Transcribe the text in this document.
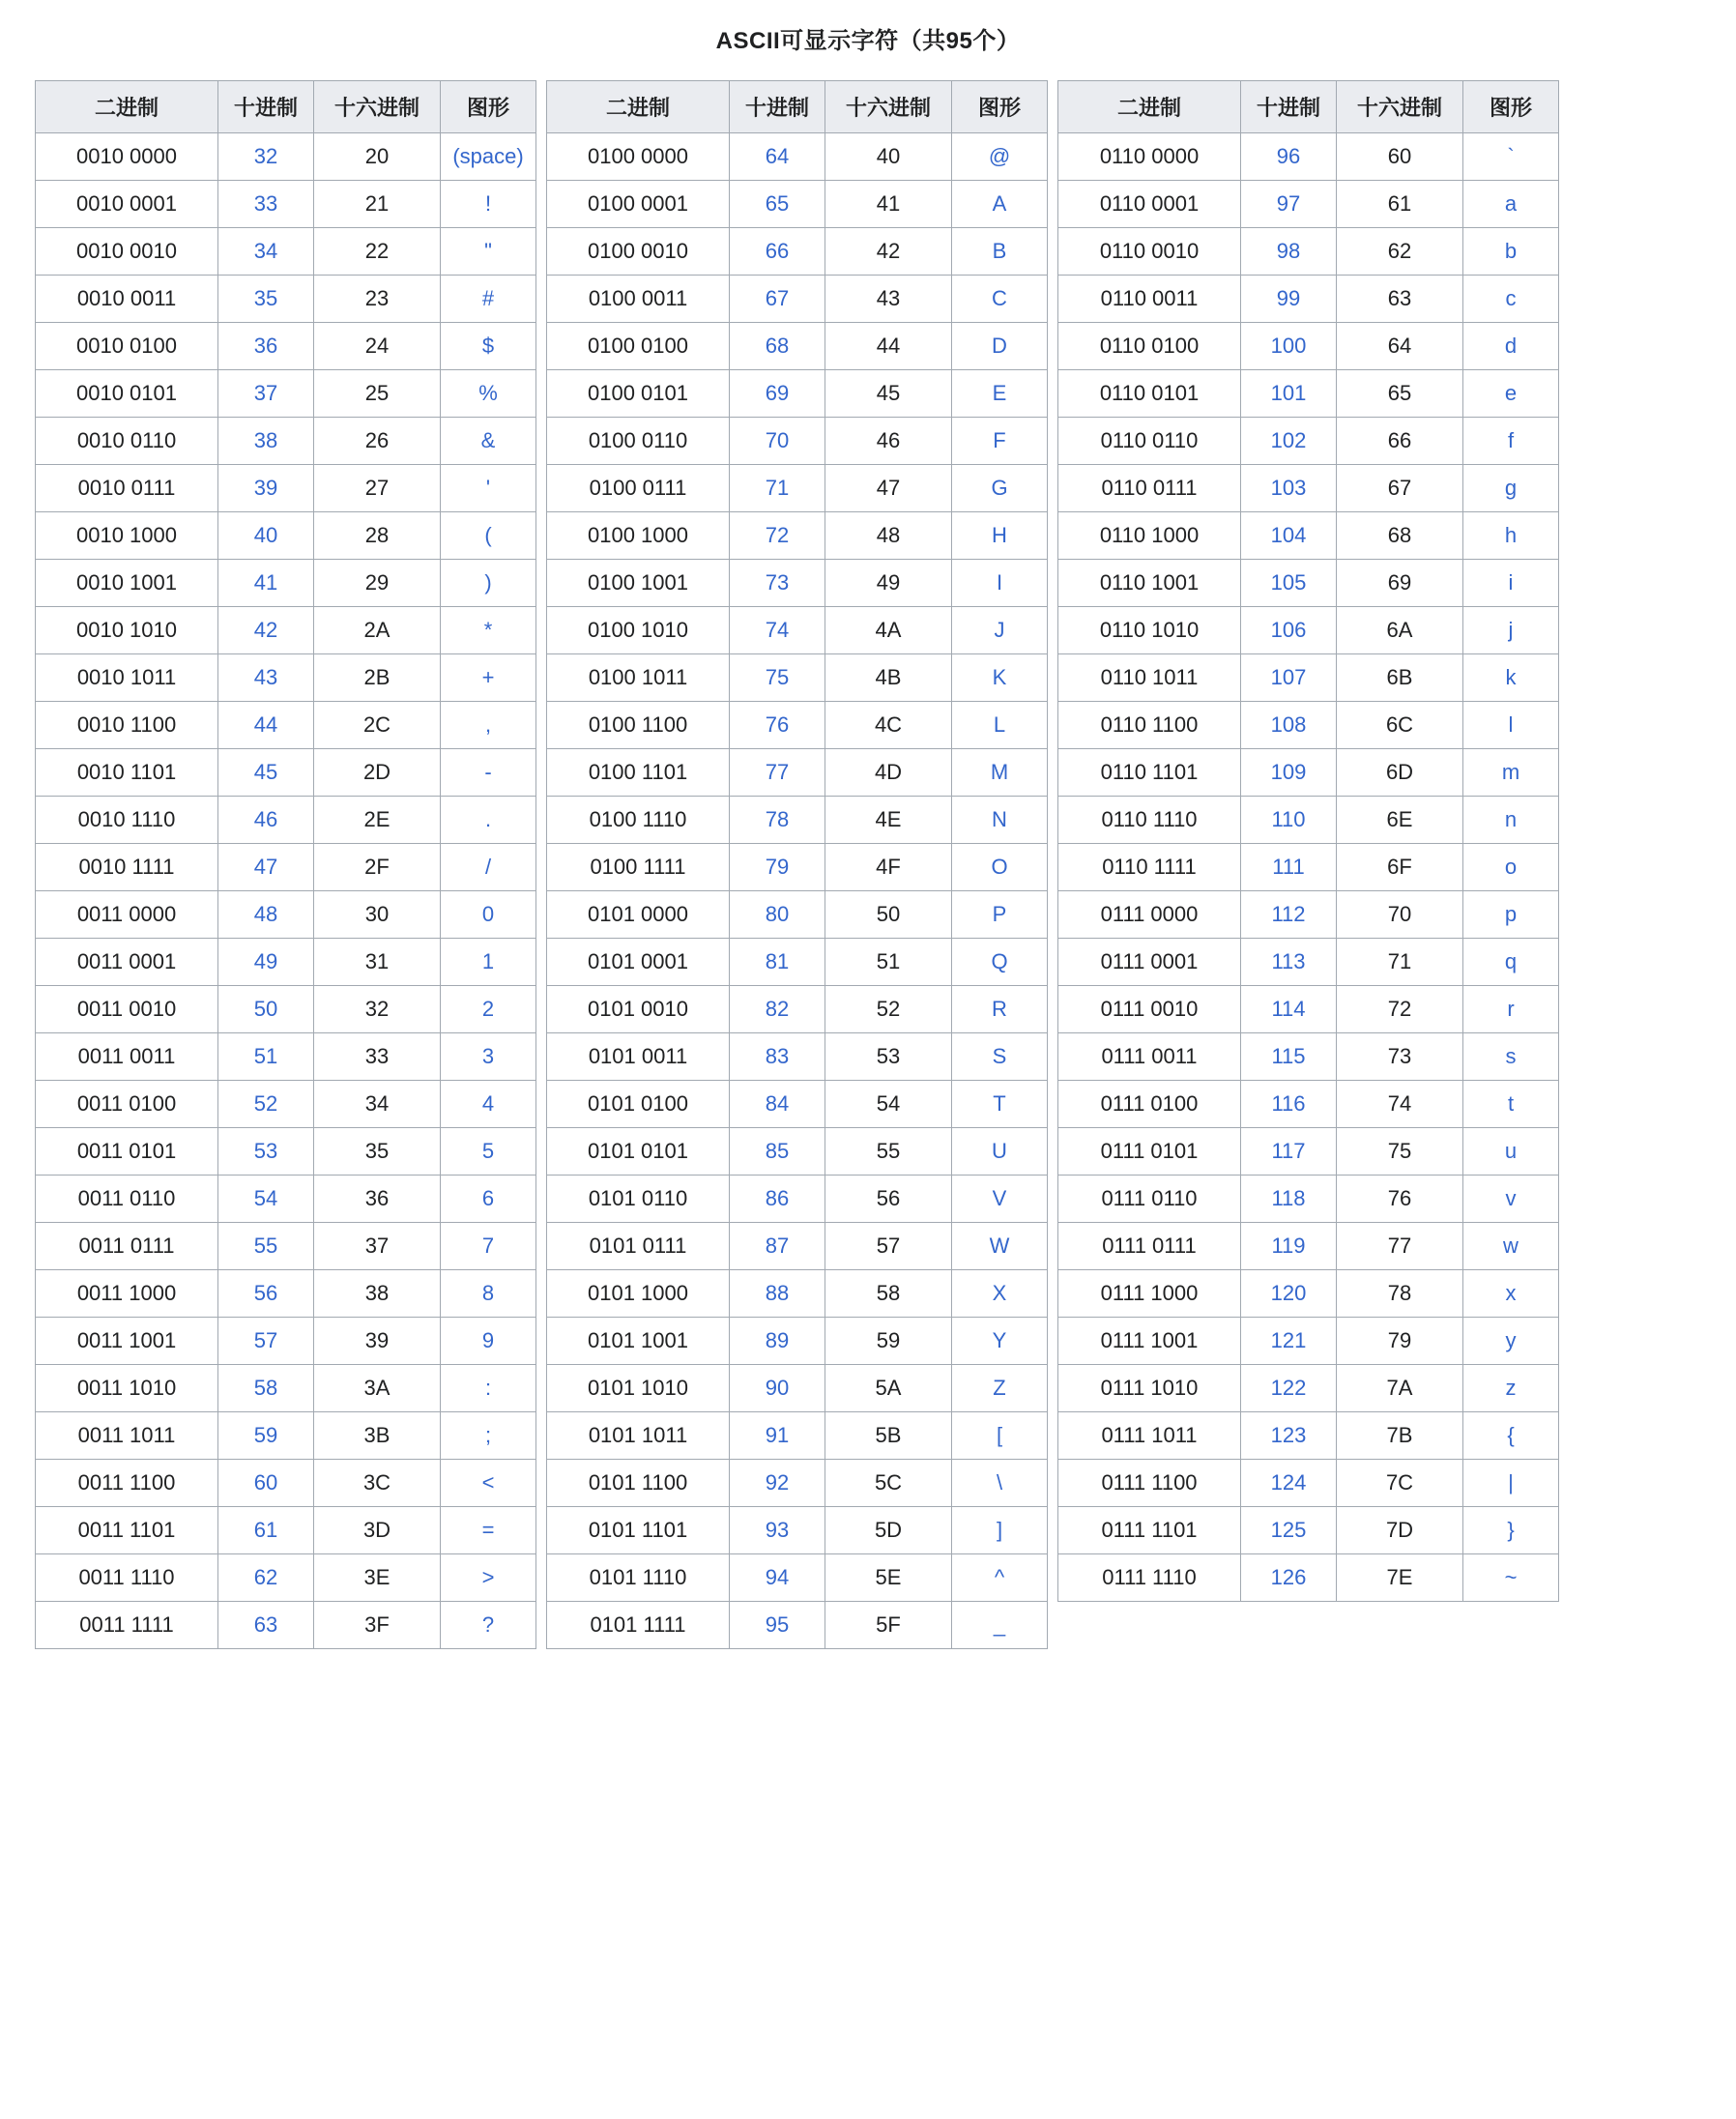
ASCII可显示字符（共95个）
二进制	十进制	十六进制	图形
0010 0000	32	20	(space)
0010 0001	33	21	!
0010 0010	34	22	"
0010 0011	35	23	#
0010 0100	36	24	$
0010 0101	37	25	%
0010 0110	38	26	&
0010 0111	39	27	'
0010 1000	40	28	(
0010 1001	41	29	)
0010 1010	42	2A	*
0010 1011	43	2B	+
0010 1100	44	2C	,
0010 1101	45	2D	-
0010 1110	46	2E	.
0010 1111	47	2F	/
0011 0000	48	30	0
0011 0001	49	31	1
0011 0010	50	32	2
0011 0011	51	33	3
0011 0100	52	34	4
0011 0101	53	35	5
0011 0110	54	36	6
0011 0111	55	37	7
0011 1000	56	38	8
0011 1001	57	39	9
0011 1010	58	3A	:
0011 1011	59	3B	;
0011 1100	60	3C	<
0011 1101	61	3D	=
0011 1110	62	3E	>
0011 1111	63	3F	?
二进制	十进制	十六进制	图形
0100 0000	64	40	@
0100 0001	65	41	A
0100 0010	66	42	B
0100 0011	67	43	C
0100 0100	68	44	D
0100 0101	69	45	E
0100 0110	70	46	F
0100 0111	71	47	G
0100 1000	72	48	H
0100 1001	73	49	I
0100 1010	74	4A	J
0100 1011	75	4B	K
0100 1100	76	4C	L
0100 1101	77	4D	M
0100 1110	78	4E	N
0100 1111	79	4F	O
0101 0000	80	50	P
0101 0001	81	51	Q
0101 0010	82	52	R
0101 0011	83	53	S
0101 0100	84	54	T
0101 0101	85	55	U
0101 0110	86	56	V
0101 0111	87	57	W
0101 1000	88	58	X
0101 1001	89	59	Y
0101 1010	90	5A	Z
0101 1011	91	5B	[
0101 1100	92	5C	\
0101 1101	93	5D	]
0101 1110	94	5E	^
0101 1111	95	5F	_
二进制	十进制	十六进制	图形
0110 0000	96	60	`
0110 0001	97	61	a
0110 0010	98	62	b
0110 0011	99	63	c
0110 0100	100	64	d
0110 0101	101	65	e
0110 0110	102	66	f
0110 0111	103	67	g
0110 1000	104	68	h
0110 1001	105	69	i
0110 1010	106	6A	j
0110 1011	107	6B	k
0110 1100	108	6C	l
0110 1101	109	6D	m
0110 1110	110	6E	n
0110 1111	111	6F	o
0111 0000	112	70	p
0111 0001	113	71	q
0111 0010	114	72	r
0111 0011	115	73	s
0111 0100	116	74	t
0111 0101	117	75	u
0111 0110	118	76	v
0111 0111	119	77	w
0111 1000	120	78	x
0111 1001	121	79	y
0111 1010	122	7A	z
0111 1011	123	7B	{
0111 1100	124	7C	|
0111 1101	125	7D	}
0111 1110	126	7E	~
